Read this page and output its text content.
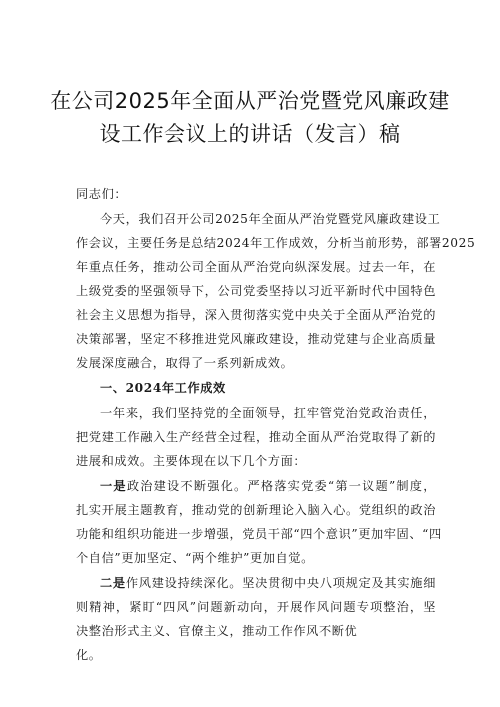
在公司2025年全面从严治党暨党风廉政建
设工作会议上的讲话（发言）稿
同志们：
今天，我们召开公司2025年全面从严治党暨党风廉政建设工
作会议，主要任务是总结2024年工作成效，分析当前形势，部署2025
年重点任务，推动公司全面从严治党向纵深发展。过去一年，在
上级党委的坚强领导下，公司党委坚持以习近平新时代中国特色
社会主义思想为指导，深入贯彻落实党中央关于全面从严治党的
决策部署，坚定不移推进党风廉政建设，推动党建与企业高质量
发展深度融合，取得了一系列新成效。
一、2024年工作成效
一年来，我们坚持党的全面领导，扛牢管党治党政治责任，
把党建工作融入生产经营全过程，推动全面从严治党取得了新的
进展和成效。主要体现在以下几个方面：
一是政治建设不断强化。严格落实党委“第一议题”制度，
扎实开展主题教育，推动党的创新理论入脑入心。党组织的政治
功能和组织功能进一步增强，党员干部“四个意识”更加牢固、“四
个自信”更加坚定、“两个维护”更加自觉。
二是作风建设持续深化。坚决贯彻中央八项规定及其实施细
则精神，紧盯“四风”问题新动向，开展作风问题专项整治，坚
决整治形式主义、官僚主义，推动工作作风不断优
化。
